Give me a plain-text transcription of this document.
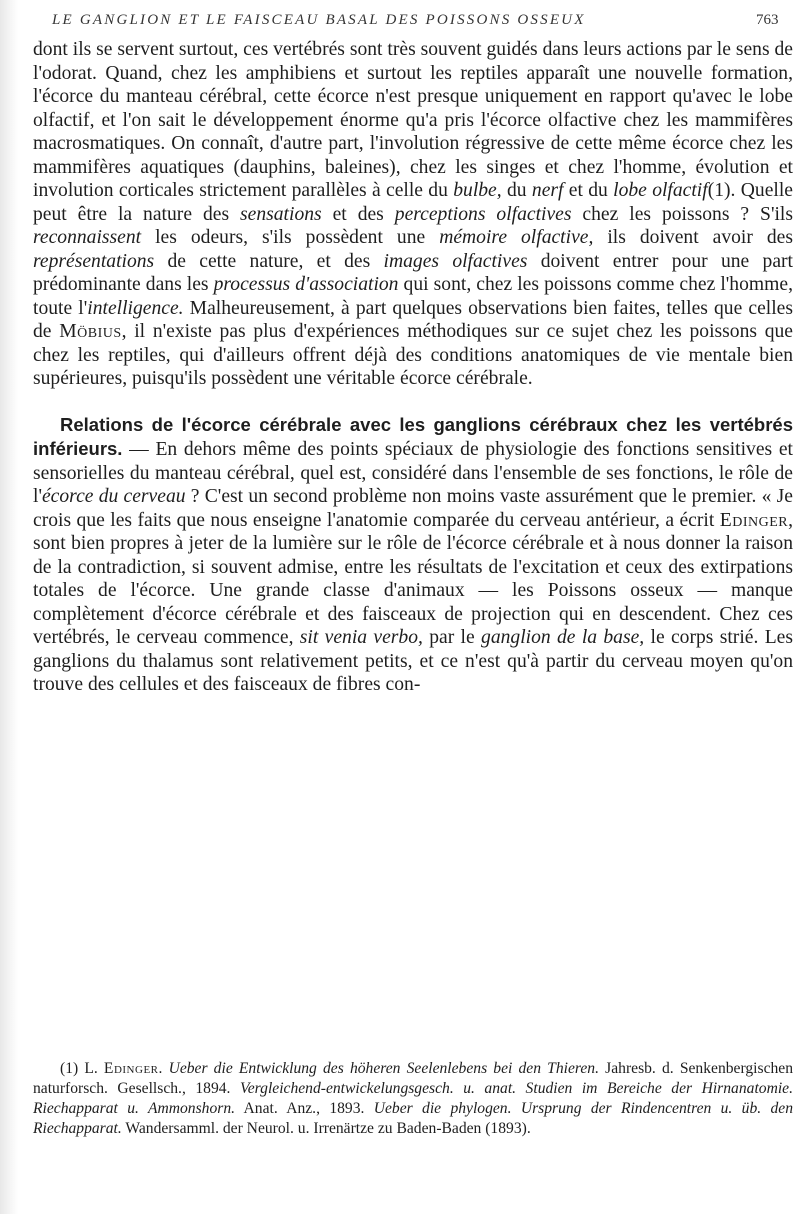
LE GANGLION ET LE FAISCEAU BASAL DES POISSONS OSSEUX	763

dont ils se servent surtout, ces vertébrés sont très souvent guidés dans leurs actions par le sens de l'odorat. Quand, chez les amphibiens et surtout les reptiles apparaît une nouvelle formation, l'écorce du manteau cérébral, cette écorce n'est presque uniquement en rapport qu'avec le lobe olfactif, et l'on sait le développement énorme qu'a pris l'écorce olfactive chez les mammifères macrosmatiques. On connaît, d'autre part, l'involution régressive de cette même écorce chez les mammifères aquatiques (dauphins, baleines), chez les singes et chez l'homme, évolution et involution corticales strictement parallèles à celle du bulbe, du nerf et du lobe olfactif(1). Quelle peut être la nature des sensations et des perceptions olfactives chez les poissons ? S'ils reconnaissent les odeurs, s'ils possèdent une mémoire olfactive, ils doivent avoir des représentations de cette nature, et des images olfactives doivent entrer pour une part prédominante dans les processus d'association qui sont, chez les poissons comme chez l'homme, toute l'intelligence. Malheureusement, à part quelques observations bien faites, telles que celles de Möbius, il n'existe pas plus d'expériences méthodiques sur ce sujet chez les poissons que chez les reptiles, qui d'ailleurs offrent déjà des conditions anatomiques de vie mentale bien supérieures, puisqu'ils possèdent une véritable écorce cérébrale.

Relations de l'écorce cérébrale avec les ganglions cérébraux chez les vertébrés inférieurs. — En dehors même des points spéciaux de physiologie des fonctions sensitives et sensorielles du manteau cérébral, quel est, considéré dans l'ensemble de ses fonctions, le rôle de l'écorce du cerveau ? C'est un second problème non moins vaste assurément que le premier. « Je crois que les faits que nous enseigne l'anatomie comparée du cerveau antérieur, a écrit Edinger, sont bien propres à jeter de la lumière sur le rôle de l'écorce cérébrale et à nous donner la raison de la contradiction, si souvent admise, entre les résultats de l'excitation et ceux des extirpations totales de l'écorce. Une grande classe d'animaux — les Poissons osseux — manque complètement d'écorce cérébrale et des faisceaux de projection qui en descendent. Chez ces vertébrés, le cerveau commence, sit venia verbo, par le ganglion de la base, le corps strié. Les ganglions du thalamus sont relativement petits, et ce n'est qu'à partir du cerveau moyen qu'on trouve des cellules et des faisceaux de fibres con-

(1) L. Edinger. Ueber die Entwicklung des höheren Seelenlebens bei den Thieren. Jahresb. d. Senkenbergischen naturforsch. Gesellsch., 1894. Vergleichend-entwickelungsgesch. u. anat. Studien im Bereiche der Hirnanatomie. Riechapparat u. Ammonshorn. Anat. Anz., 1893. Ueber die phylogen. Ursprung der Rindencentren u. üb. den Riechapparat. Wandersamml. der Neurol. u. Irrenärtze zu Baden-Baden (1893).
